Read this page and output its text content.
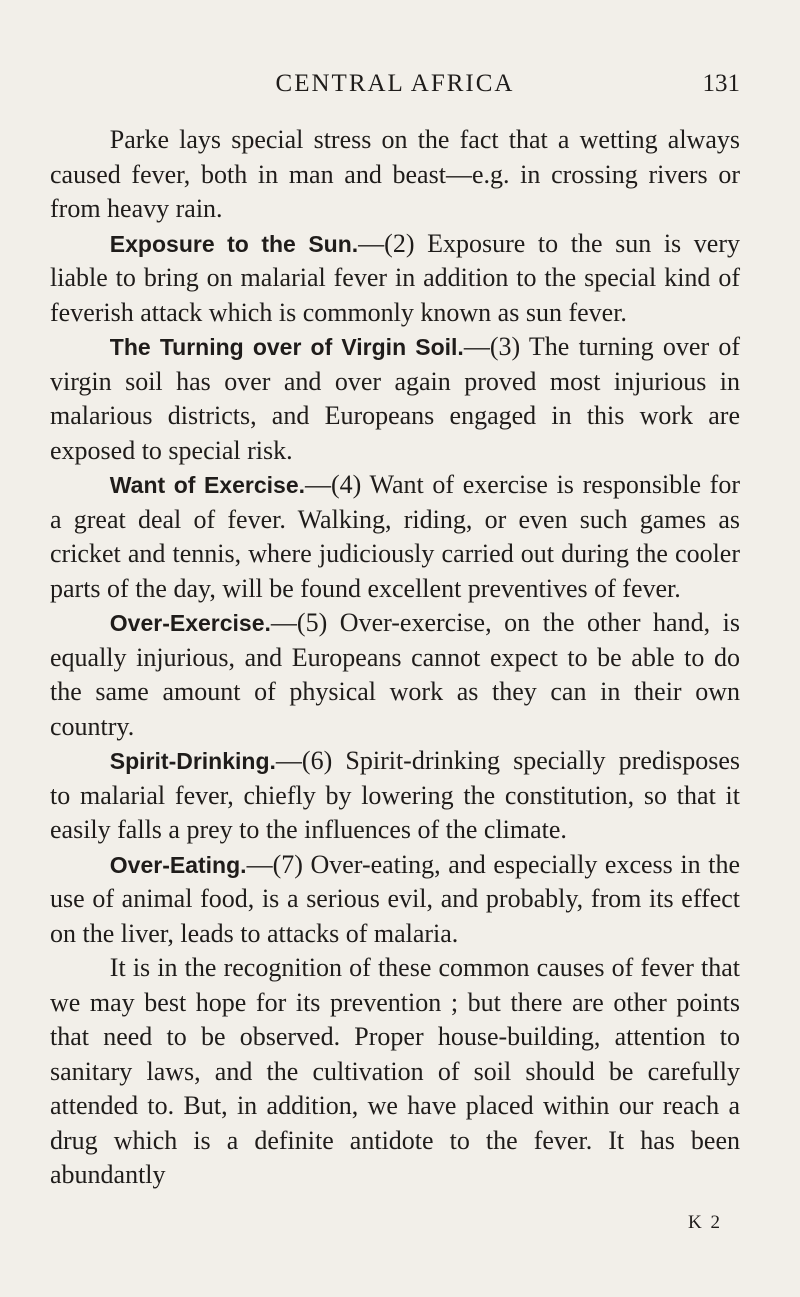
CENTRAL AFRICA	131

Parke lays special stress on the fact that a wetting always caused fever, both in man and beast—e.g. in crossing rivers or from heavy rain.

Exposure to the Sun.—(2) Exposure to the sun is very liable to bring on malarial fever in addition to the special kind of feverish attack which is commonly known as sun fever.

The Turning over of Virgin Soil.—(3) The turning over of virgin soil has over and over again proved most injurious in malarious districts, and Europeans engaged in this work are exposed to special risk.

Want of Exercise.—(4) Want of exercise is responsible for a great deal of fever. Walking, riding, or even such games as cricket and tennis, where judiciously carried out during the cooler parts of the day, will be found excellent preventives of fever.

Over-Exercise.—(5) Over-exercise, on the other hand, is equally injurious, and Europeans cannot expect to be able to do the same amount of physical work as they can in their own country.

Spirit-Drinking.—(6) Spirit-drinking specially predisposes to malarial fever, chiefly by lowering the constitution, so that it easily falls a prey to the influences of the climate.

Over-Eating.—(7) Over-eating, and especially excess in the use of animal food, is a serious evil, and probably, from its effect on the liver, leads to attacks of malaria.

It is in the recognition of these common causes of fever that we may best hope for its prevention ; but there are other points that need to be observed. Proper house-building, attention to sanitary laws, and the cultivation of soil should be carefully attended to. But, in addition, we have placed within our reach a drug which is a definite antidote to the fever. It has been abundantly

K 2
